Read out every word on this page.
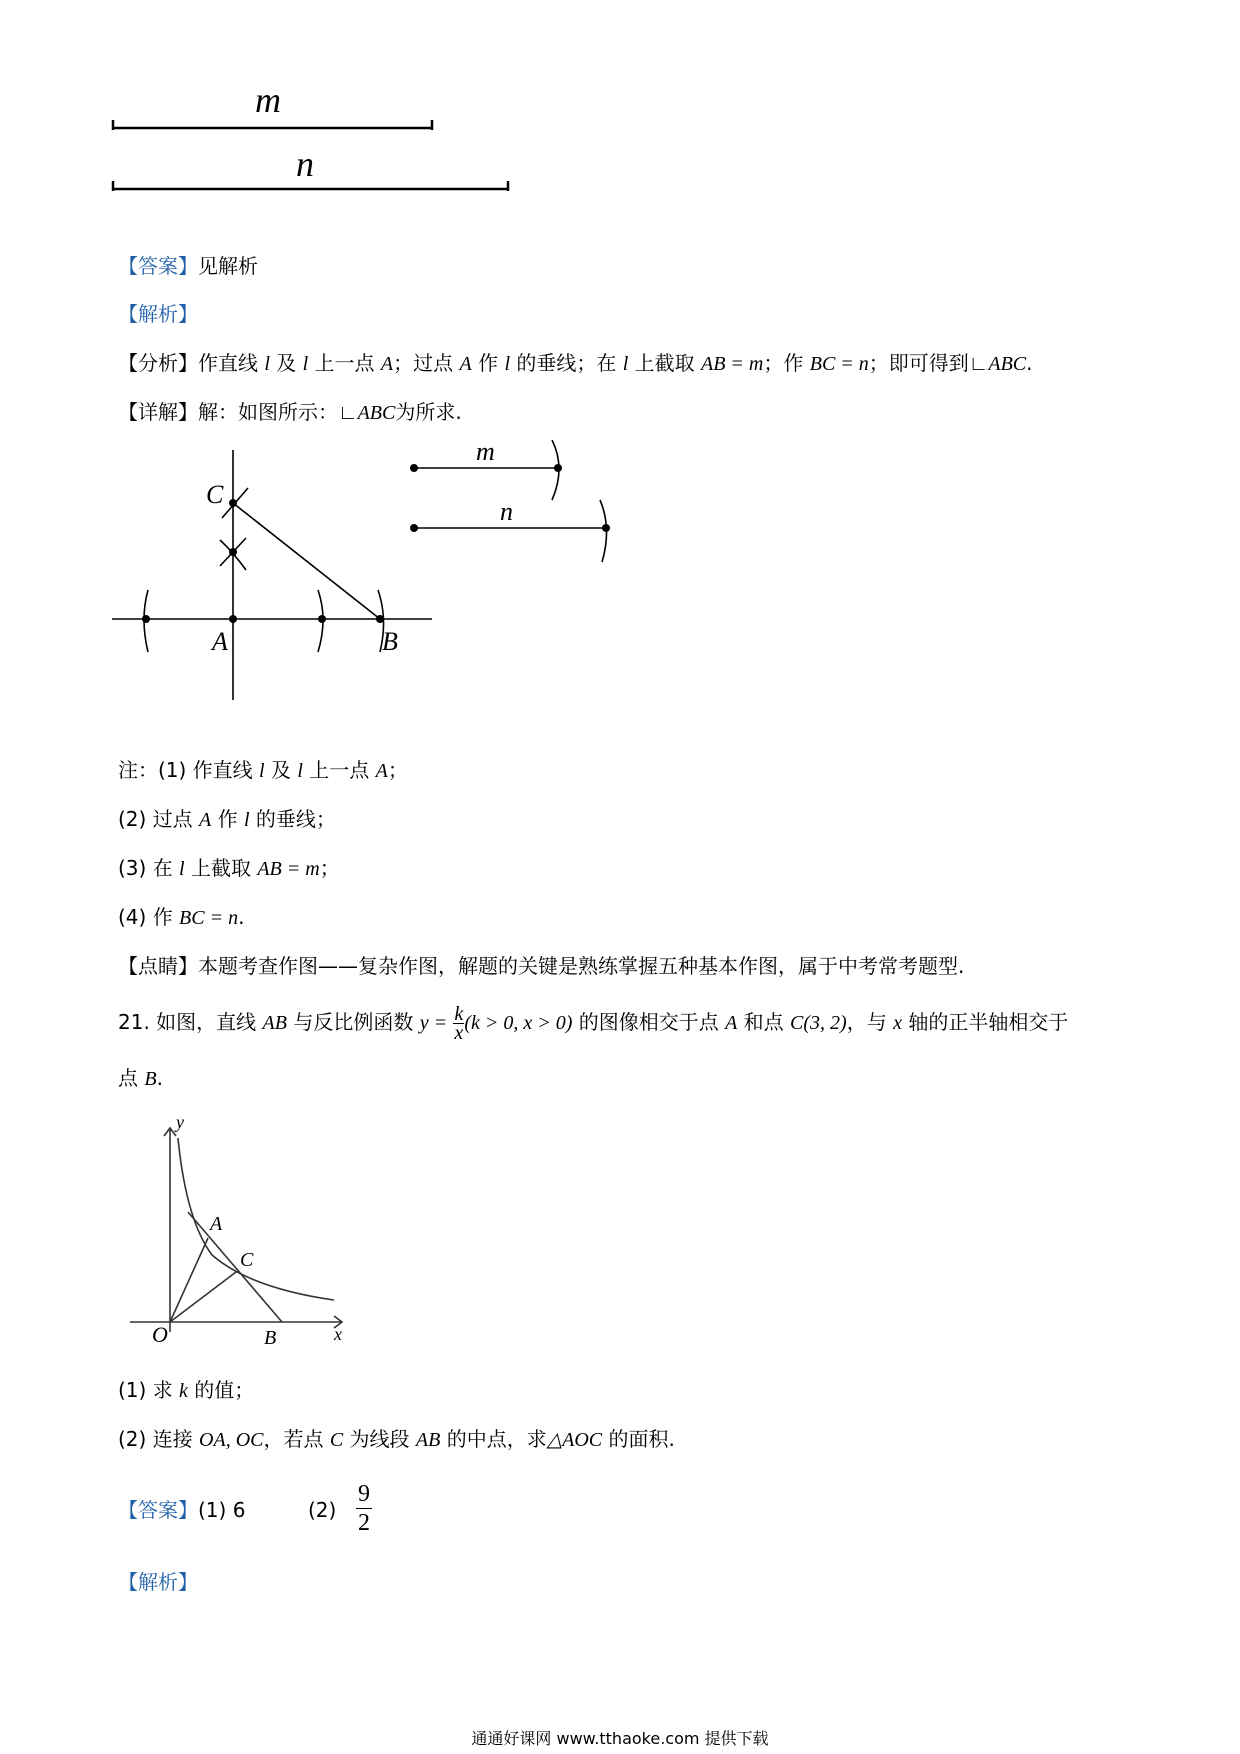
m
n
【答案】见解析
【解析】
【分析】作直线 l 及 l 上一点 A；过点 A 作 l 的垂线；在 l 上截取 AB = m；作 BC = n；即可得到∟ABC.
【详解】解：如图所示：∟ABC为所求.
C
A	B
m
n
注：(1) 作直线 l 及 l 上一点 A；
(2) 过点 A 作 l 的垂线；
(3) 在 l 上截取 AB = m；
(4) 作 BC = n.
【点睛】本题考查作图——复杂作图，解题的关键是熟练掌握五种基本作图，属于中考常考题型.
21. 如图，直线 AB 与反比例函数 $y = \frac{k}{x} (k > 0$, x > 0) 的图像相交于点 A 和点 C(3, 2)，与 x 轴的正半轴相交于
点 B.
y
x
O
A
C
B
(1) 求 k 的值；
(2) 连接 OA, OC，若点 C 为线段 AB 的中点，求△AOC 的面积.
【答案】(1) 6	(2)
9
2
【解析】
通通好课网 www.tthaoke.com 提供下载
